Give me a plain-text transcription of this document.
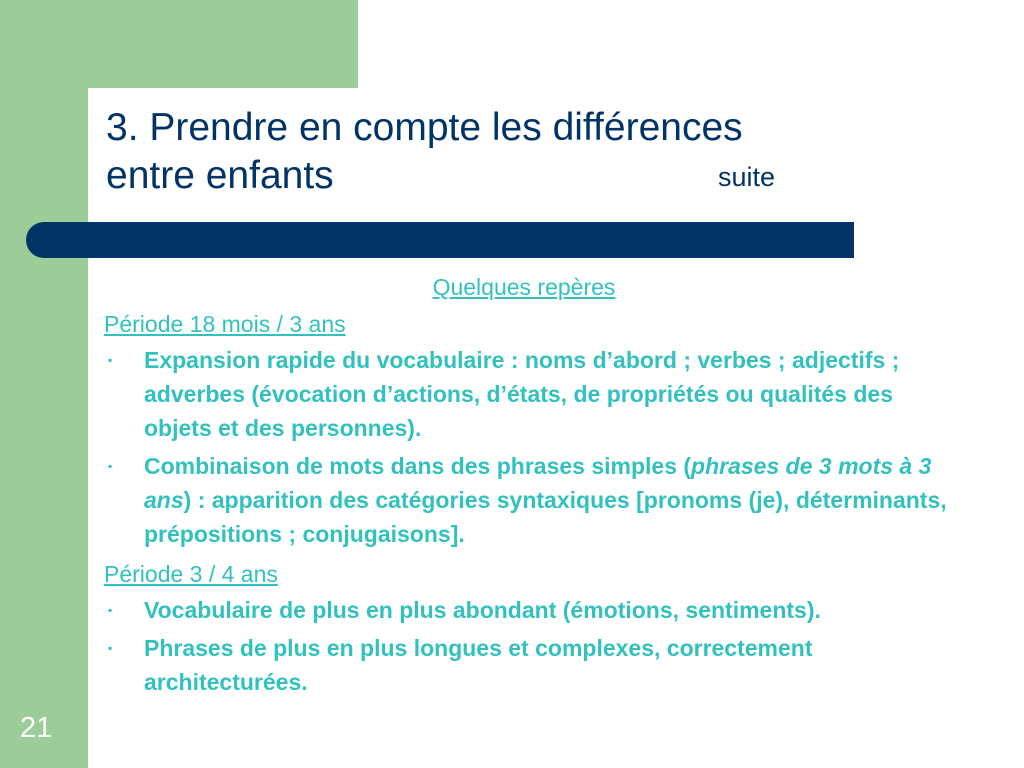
3. Prendre en compte les différences
entre enfants	suite
Quelques repères
Période 18 mois / 3 ans
▪ Expansion rapide du vocabulaire : noms d’abord ; verbes ; adjectifs ; adverbes (évocation d’actions, d’états, de propriétés ou qualités des objets et des personnes).
▪ Combinaison de mots dans des phrases simples (phrases de 3 mots à 3 ans) : apparition des catégories syntaxiques [pronoms (je), déterminants, prépositions ; conjugaisons].
Période 3 / 4 ans
▪ Vocabulaire de plus en plus abondant (émotions, sentiments).
▪ Phrases de plus en plus longues et complexes, correctement architecturées.
21
